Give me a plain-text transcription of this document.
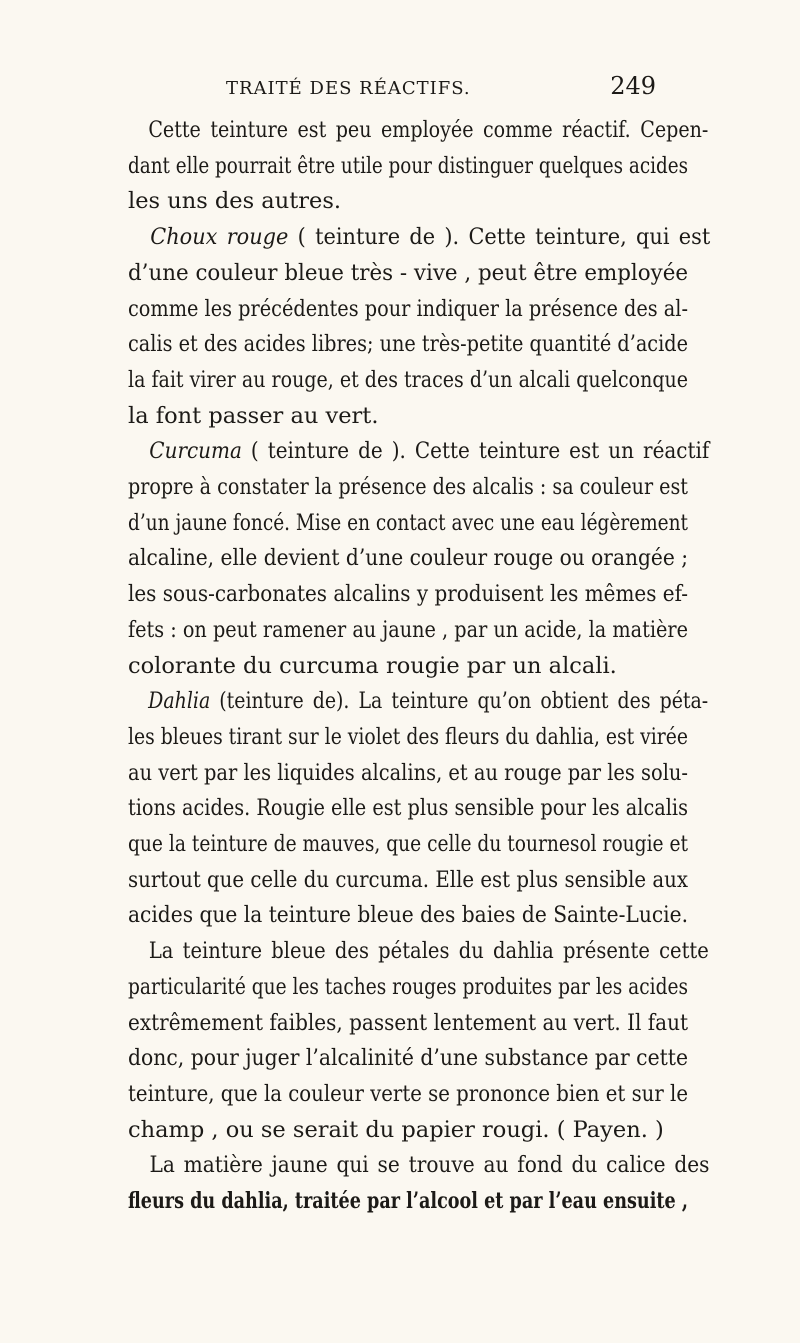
TRAITÉ DES RÉACTIFS.	249
Cette teinture est peu employée comme réactif. Cepen-
dant elle pourrait être utile pour distinguer quelques acides
les uns des autres.
Choux rouge ( teinture de ). Cette teinture, qui est
d’une couleur bleue très - vive , peut être employée
comme les précédentes pour indiquer la présence des al-
calis et des acides libres; une très-petite quantité d’acide
la fait virer au rouge, et des traces d’un alcali quelconque
la font passer au vert.
Curcuma ( teinture de ). Cette teinture est un réactif
propre à constater la présence des alcalis : sa couleur est
d’un jaune foncé. Mise en contact avec une eau légèrement
alcaline, elle devient d’une couleur rouge ou orangée ;
les sous-carbonates alcalins y produisent les mêmes ef-
fets : on peut ramener au jaune , par un acide, la matière
colorante du curcuma rougie par un alcali.
Dahlia (teinture de). La teinture qu’on obtient des péta-
les bleues tirant sur le violet des fleurs du dahlia, est virée
au vert par les liquides alcalins, et au rouge par les solu-
tions acides. Rougie elle est plus sensible pour les alcalis
que la teinture de mauves, que celle du tournesol rougie et
surtout que celle du curcuma. Elle est plus sensible aux
acides que la teinture bleue des baies de Sainte-Lucie.
La teinture bleue des pétales du dahlia présente cette
particularité que les taches rouges produites par les acides
extrêmement faibles, passent lentement au vert. Il faut
donc, pour juger l’alcalinité d’une substance par cette
teinture, que la couleur verte se prononce bien et sur le
champ , ou se serait du papier rougi. ( Payen. )
La matière jaune qui se trouve au fond du calice des
fleurs du dahlia, traitée par l’alcool et par l’eau ensuite ,
